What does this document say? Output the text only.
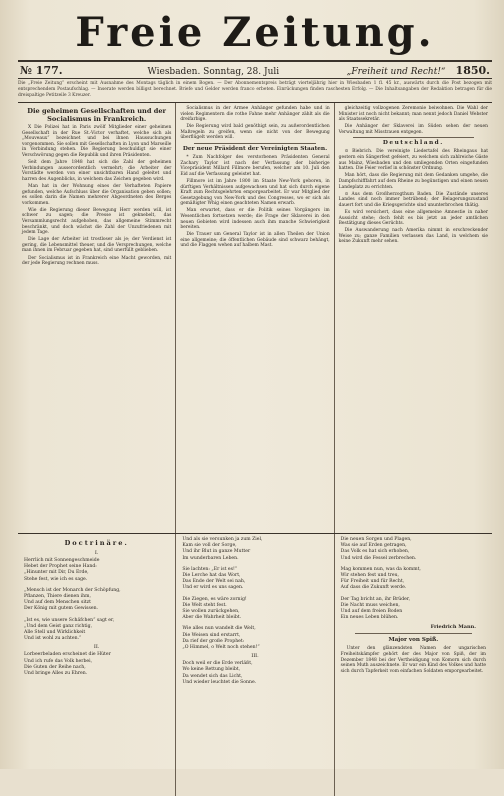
Freie Zeitung.
№ 177.	Wiesbaden. Sonntag, 28. Juli	„Freiheit und Recht!“ 1850.
Die „Freie Zeitung“ erscheint mit Ausnahme des Montags täglich in einem Bogen. — Der Abonnementspreis beträgt vierteljährig hier in Wiesbaden 1 fl. 45 kr., auswärts durch die Post bezogen mit entsprechendem Postaufschlag. — Inserate werden billigst berechnet. Briefe und Gelder werden franco erbeten. Einrückungen finden raschesten Erfolg. — Die Inhaltsangaben der Redaktion betragen für die dreispaltige Petitzeile 3 Kreuzer.
Die geheimen Gesellschaften und der Socialismus in Frankreich.

X Die Polizei hat in Paris zwölf Mitglieder einer geheimen Gesellschaft in der Rue St.-Victor verhaftet, welche sich als „Mouveaux“ bezeichnet und bei ihnen Haussuchungen vorgenommen. Sie sollen mit Gesellschaften in Lyon und Marseille in Verbindung stehen. Die Regierung beschuldigt sie einer Verschwörung gegen die Republik und ihren Präsidenten.

Seit dem Jahre 1848 hat sich die Zahl der geheimen Verbindungen ausserordentlich vermehrt; die Arbeiter der Vorstädte werden von einer unsichtbaren Hand geleitet und harren des Augenblicks, in welchem das Zeichen gegeben wird.

Man hat in der Wohnung eines der Verhafteten Papiere gefunden, welche Aufschluss über die Organisation geben sollen; es sollen darin die Namen mehrerer Abgeordneten des Berges vorkommen.

Wie die Regierung dieser Bewegung Herr werden will, ist schwer zu sagen; die Presse ist geknebelt, das Versammlungsrecht aufgehoben, das allgemeine Stimmrecht beschränkt, und doch wächst die Zahl der Unzufriedenen mit jedem Tage.

Die Lage der Arbeiter ist trostloser als je; der Verdienst ist gering, die Lebensmittel theuer, und die Versprechungen, welche man ihnen im Februar gegeben hat, sind unerfüllt geblieben.

Der Socialismus ist in Frankreich eine Macht geworden, mit der jede Regierung rechnen muss.

Socialismus in der Armee Anhänger gefunden habe und in vielen Regimentern die rothe Fahne mehr Anhänger zählt als die dreifarbige.

Die Regierung wird bald genöthigt sein, zu außerordentlichen Maßregeln zu greifen, wenn sie nicht von der Bewegung überflügelt werden will.

Der neue Präsident der Vereinigten Staaten.

* Zum Nachfolger des verstorbenen Präsidenten General Zachary Taylor ist nach der Verfassung der bisherige Vicepräsident Millard Fillmore berufen, welcher am 10. Juli den Eid auf die Verfassung geleistet hat.

Fillmore ist im Jahre 1800 im Staate New-York geboren, in dürftigen Verhältnissen aufgewachsen und hat sich durch eigene Kraft zum Rechtsgelehrten emporgearbeitet. Er war Mitglied der Gesetzgebung von New-York und des Congresses, wo er sich als gemäßigter Whig einen geachteten Namen erwarb.

Man erwartet, dass er die Politik seines Vorgängers im Wesentlichen fortsetzen werde; die Frage der Sklaverei in den neuen Gebieten wird indessen auch ihm manche Schwierigkeit bereiten.

Die Trauer um General Taylor ist in allen Theilen der Union eine allgemeine; die öffentlichen Gebäude sind schwarz behängt, und die Flaggen wehen auf halbem Mast.

gleichzeitig vollzogenen Zeremonie beiwohnen. Die Wahl der Minister ist noch nicht bekannt; man nennt jedoch Daniel Webster als Staatssekretär.

Die Anhänger der Sklaverei im Süden sehen der neuen Verwaltung mit Misstrauen entgegen.

Deutschland.

⊙ Biebrich. Die vereinigte Liedertafel des Rheingaus hat gestern ein Sängerfest gefeiert, zu welchem sich zahlreiche Gäste aus Mainz, Wiesbaden und den umliegenden Orten eingefunden hatten. Die Feier verlief in schönster Ordnung.

Man hört, dass die Regierung mit dem Gedanken umgehe, die Dampfschifffahrt auf dem Rheine zu begünstigen und einen neuen Landeplatz zu errichten.

⊙ Aus dem Großherzogthum Baden. Die Zustände unseres Landes sind noch immer betrübend; der Belagerungszustand dauert fort und die Kriegsgerichte sind ununterbrochen thätig.

Es wird versichert, dass eine allgemeine Amnestie in naher Aussicht stehe; doch fehlt es bis jetzt an jeder amtlichen Bestätigung dieses Gerüchts.

Die Auswanderung nach Amerika nimmt in erschreckender Weise zu; ganze Familien verlassen das Land, in welchem sie keine Zukunft mehr sehen.

Doctrinäre.
I.
Herrlich mit Sonnengeschmeide
Hebet der Prophet seine Hand:
„Hinunter mit Dir, Du Erde,
Stehe fest, wie ich es sage.
„Mensch ist der Monarch der Schöpfung,
Pflanzen, Thiere dienen ihm,
Und auf dem Menschen sitzt
Der König mit gutem Gewissen.
„Ist es, wie unsere Schäfchen“ sagt er,
„Und dem Geist ganz richtig,
Alle Stell und Wirklichkeit
Und ist wohl zu achten.“
II.
Lorbeerbeladen erscheinet die Hüter
Und ich rufe das Volk herbei,
Die Guten der Reihe nach,
Und bringe Alles zu Ehren.
Und als sie versunken ja zum Ziel,
Kam sie voll der Sorge,
Und ihr Blut in ganze Mutter
Im wunderbaren Leben.
Sie lachten: „Er ist es!“
Die Lerche hat das Wort,
Das Ende der Welt sei nah,
Und er wird es uns sagen.
Die Ziegen, es wäre zornig!
Die Welt steht fest.
Sie wollen zurückgehen,
Aber die Wahrheit bleibt.
Wie alles nun wandelt die Welt,
Die Weisen sind erstarrt,
Da rief der große Prophet:
„O Himmel, o Welt noch stehen!“
III.
Doch weil er die Erde verläßt,
Wo keine Rettung bleibt,
Da wendet sich das Licht,
Und wieder leuchtet die Sonne.
Die neuen Sorgen und Plagen,
Was sie auf Erden getragen,
Das Volk es hat sich erhoben,
Und wird die Fessel zerbrechen.
Mag kommen nun, was da kommt,
Wir stehen fest und treu,
Für Freiheit und für Recht,
Auf dass die Zukunft werde.
Der Tag bricht an, ihr Brüder,
Die Nacht muss weichen,
Und auf dem freien Boden
Ein neues Leben blühen.
Friedrich Mann.
Major von Spiß.

Unter den glänzendsten Namen der ungarischen Freiheitskämpfer gehört der des Major von Spiß, der im Dezember 1848 bei der Vertheidigung von Komorn sich durch seinen Muth auszeichnete. Er war ein Kind des Volkes und hatte sich durch Tapferkeit vom einfachen Soldaten emporgearbeitet.
